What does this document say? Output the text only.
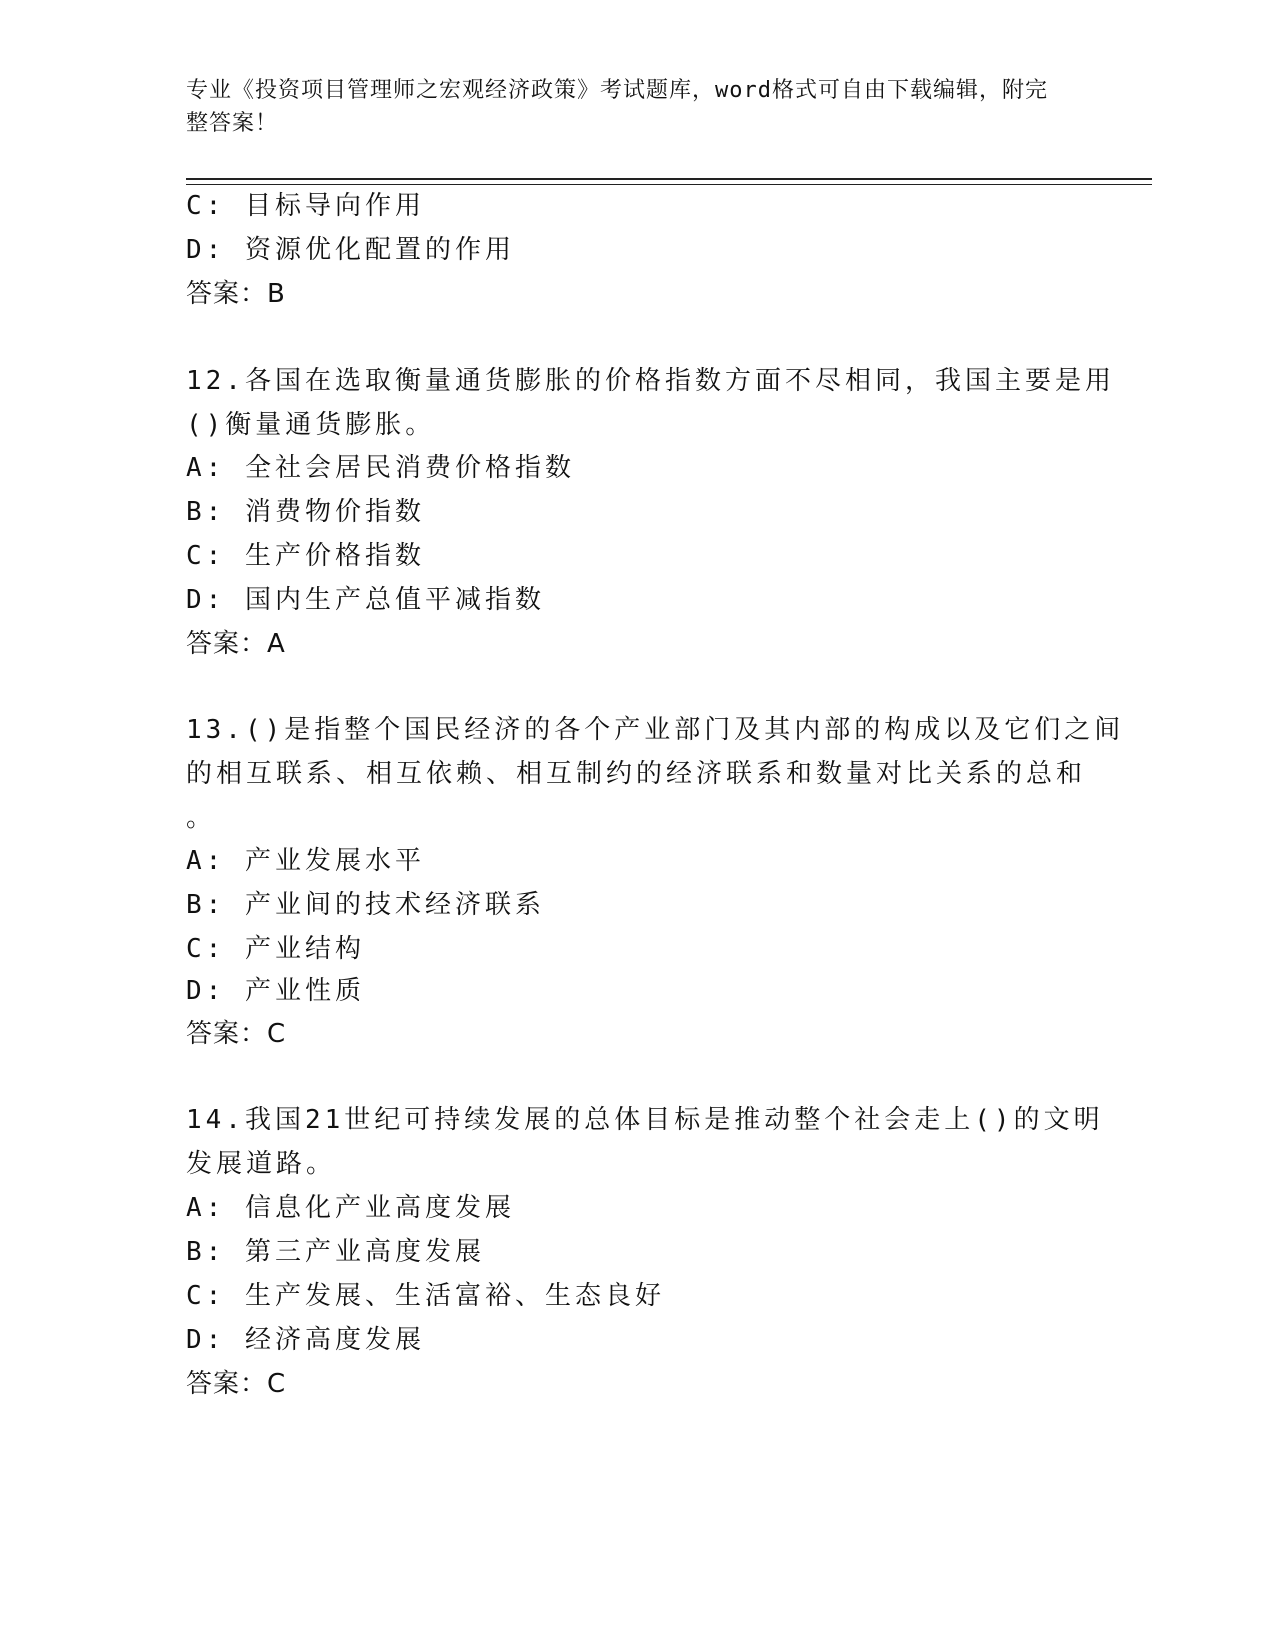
专业《投资项目管理师之宏观经济政策》考试题库，word格式可自由下载编辑，附完整答案！
C: 目标导向作用
D: 资源优化配置的作用
答案：B
12.各国在选取衡量通货膨胀的价格指数方面不尽相同，我国主要是用
()衡量通货膨胀。
A: 全社会居民消费价格指数
B: 消费物价指数
C: 生产价格指数
D: 国内生产总值平减指数
答案：A
13.()是指整个国民经济的各个产业部门及其内部的构成以及它们之间
的相互联系、相互依赖、相互制约的经济联系和数量对比关系的总和
。
A: 产业发展水平
B: 产业间的技术经济联系
C: 产业结构
D: 产业性质
答案：C
14.我国21世纪可持续发展的总体目标是推动整个社会走上()的文明
发展道路。
A: 信息化产业高度发展
B: 第三产业高度发展
C: 生产发展、生活富裕、生态良好
D: 经济高度发展
答案：C
